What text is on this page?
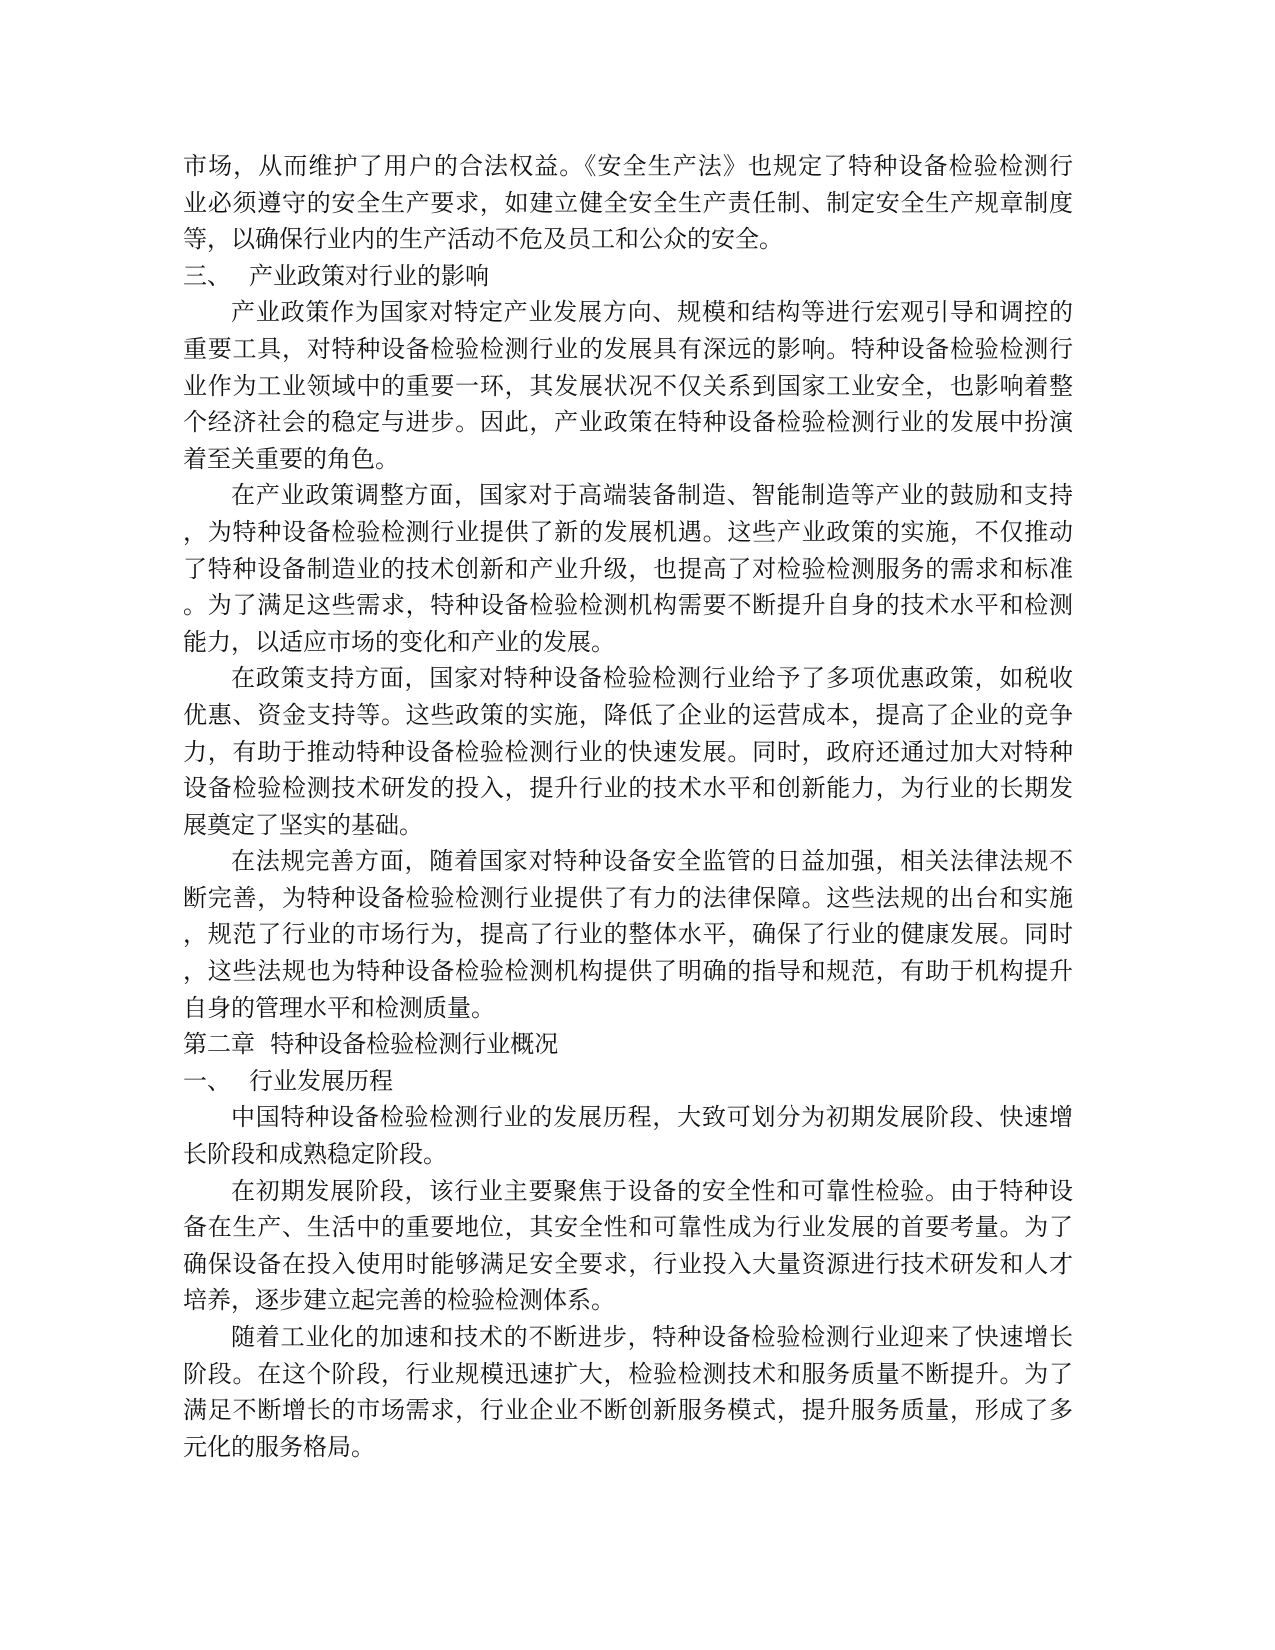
市场，从而维护了用户的合法权益。《安全生产法》也规定了特种设备检验检测行
业必须遵守的安全生产要求，如建立健全安全生产责任制、制定安全生产规章制度
等，以确保行业内的生产活动不危及员工和公众的安全。
三、 产业政策对行业的影响
产业政策作为国家对特定产业发展方向、规模和结构等进行宏观引导和调控的
重要工具，对特种设备检验检测行业的发展具有深远的影响。特种设备检验检测行
业作为工业领域中的重要一环，其发展状况不仅关系到国家工业安全，也影响着整
个经济社会的稳定与进步。因此，产业政策在特种设备检验检测行业的发展中扮演
着至关重要的角色。
在产业政策调整方面，国家对于高端装备制造、智能制造等产业的鼓励和支持
，为特种设备检验检测行业提供了新的发展机遇。这些产业政策的实施，不仅推动
了特种设备制造业的技术创新和产业升级，也提高了对检验检测服务的需求和标准
。为了满足这些需求，特种设备检验检测机构需要不断提升自身的技术水平和检测
能力，以适应市场的变化和产业的发展。
在政策支持方面，国家对特种设备检验检测行业给予了多项优惠政策，如税收
优惠、资金支持等。这些政策的实施，降低了企业的运营成本，提高了企业的竞争
力，有助于推动特种设备检验检测行业的快速发展。同时，政府还通过加大对特种
设备检验检测技术研发的投入，提升行业的技术水平和创新能力，为行业的长期发
展奠定了坚实的基础。
在法规完善方面，随着国家对特种设备安全监管的日益加强，相关法律法规不
断完善，为特种设备检验检测行业提供了有力的法律保障。这些法规的出台和实施
，规范了行业的市场行为，提高了行业的整体水平，确保了行业的健康发展。同时
，这些法规也为特种设备检验检测机构提供了明确的指导和规范，有助于机构提升
自身的管理水平和检测质量。
第二章  特种设备检验检测行业概况
一、 行业发展历程
中国特种设备检验检测行业的发展历程，大致可划分为初期发展阶段、快速增
长阶段和成熟稳定阶段。
在初期发展阶段，该行业主要聚焦于设备的安全性和可靠性检验。由于特种设
备在生产、生活中的重要地位，其安全性和可靠性成为行业发展的首要考量。为了
确保设备在投入使用时能够满足安全要求，行业投入大量资源进行技术研发和人才
培养，逐步建立起完善的检验检测体系。
随着工业化的加速和技术的不断进步，特种设备检验检测行业迎来了快速增长
阶段。在这个阶段，行业规模迅速扩大，检验检测技术和服务质量不断提升。为了
满足不断增长的市场需求，行业企业不断创新服务模式，提升服务质量，形成了多
元化的服务格局。
